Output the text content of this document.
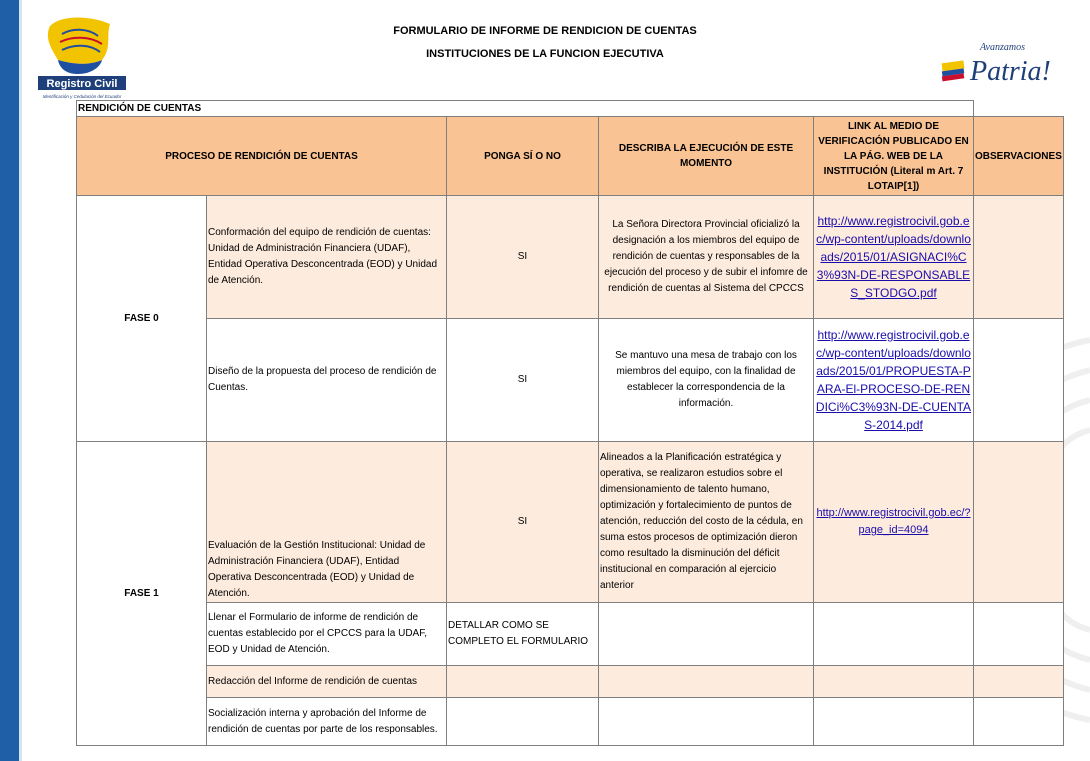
Registro Civil
Identificación y Cedulación del Ecuador
Avanzamos
Patria!
FORMULARIO DE INFORME DE RENDICION DE CUENTAS
INSTITUCIONES DE LA FUNCION EJECUTIVA
RENDICIÓN DE CUENTAS					
PROCESO DE RENDICIÓN DE CUENTAS		PONGA SÍ O NO	DESCRIBA LA EJECUCIÓN DE ESTE MOMENTO	LINK AL MEDIO DE VERIFICACIÓN PUBLICADO EN LA PÁG. WEB DE LA INSTITUCIÓN (Literal m Art. 7 LOTAIP[1])	OBSERVACIONES
FASE 0	Conformación del equipo de rendición de cuentas: Unidad de Administración Financiera (UDAF), Entidad Operativa Desconcentrada (EOD) y Unidad de Atención.	SI	La Señora Directora Provincial oficializó la designación a los miembros del equipo de rendición de cuentas y responsables de la ejecución del proceso y de subir el infomre de rendición de cuentas al Sistema del CPCCS	http://www.registrocivil.gob.ec/wp-content/uploads/downloads/2015/01/ASIGNACI%C3%93N-DE-RESPONSABLES_STODGO.pdf	
	Diseño de la propuesta del proceso de rendición de Cuentas.	SI	Se mantuvo una mesa de trabajo con los miembros del equipo, con la finalidad de establecer la correspondencia de la información.	http://www.registrocivil.gob.ec/wp-content/uploads/downloads/2015/01/PROPUESTA-PARA-El-PROCESO-DE-RENDICi%C3%93N-DE-CUENTAS-2014.pdf	
FASE 1	Evaluación de la Gestión Institucional: Unidad de Administración Financiera (UDAF), Entidad Operativa Desconcentrada (EOD) y Unidad de Atención.	SI	Alineados a la Planificación estratégica y operativa, se realizaron estudios sobre el dimensionamiento de talento humano, optimización y fortalecimiento de puntos de atención, reducción del costo de la cédula, en suma estos procesos de optimización dieron como resultado la disminución del déficit institucional en comparación al ejercicio anterior	http://www.registrocivil.gob.ec/?page_id=4094	
	Llenar el Formulario de informe de rendición de cuentas establecido por el CPCCS para la UDAF, EOD y Unidad de Atención.	DETALLAR COMO SE COMPLETO EL FORMULARIO			
	Redacción del Informe de rendición de cuentas				
	Socialización interna y aprobación del Informe de rendición de cuentas por parte de los responsables.				
